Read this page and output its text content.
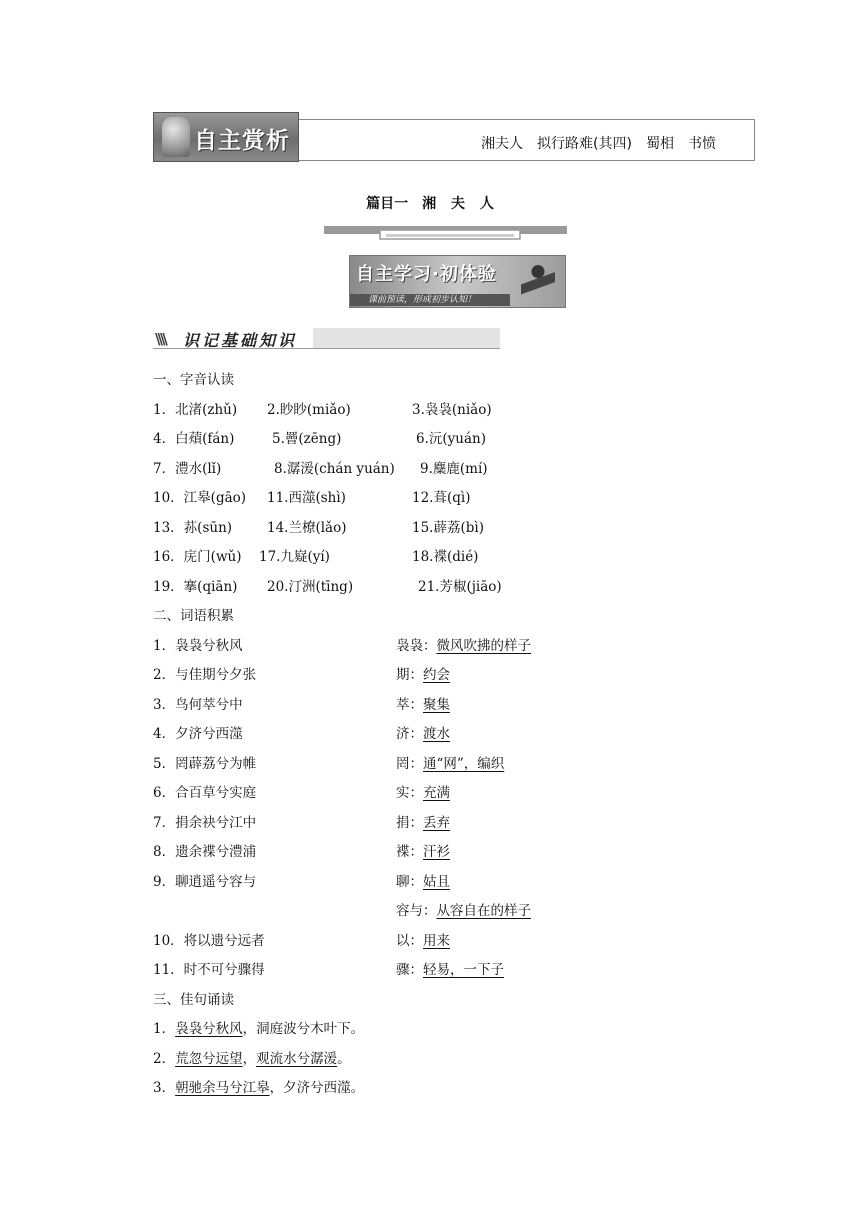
自主赏析	湘夫人　拟行路难(其四)　蜀相　书愤
篇目一　湘 夫 人
自主学习·初体验
课前预读，形成初步认知！
\\\\ 识记基础知识
一、字音认读
1．北渚(zhǔ) 2.眇眇(miǎo)	3.袅袅(niǎo)
4．白薠(fán)	5.罾(zēng)	6.沅(yuán)
7．澧水(lǐ)	8.潺湲(chán yuán) 9.麋鹿(mí)
10．江皋(gāo) 11.西澨(shì)	12.葺(qì)
13．荪(sūn)	14.兰橑(lǎo)	15.薜荔(bì)
16．庑门(wǔ) 17.九嶷(yí)	18.褋(dié)
19．搴(qiān) 20.汀洲(tīng)	21.芳椒(jiāo)
二、词语积累
1．袅袅兮秋风	袅袅：微风吹拂的样子
2．与佳期兮夕张	期：约会
3．鸟何萃兮中	萃：聚集
4．夕济兮西澨	济：渡水
5．罔薜荔兮为帷	罔：通“网”，编织
6．合百草兮实庭	实：充满
7．捐余袂兮江中	捐：丢弃
8．遗余褋兮澧浦	褋：汗衫
9．聊逍遥兮容与	聊：姑且
容与：从容自在的样子
10．将以遗兮远者	以：用来
11．时不可兮骤得	骤：轻易，一下子
三、佳句诵读
1．袅袅兮秋风，洞庭波兮木叶下。
2．荒忽兮远望，观流水兮潺湲。
3．朝驰余马兮江皋，夕济兮西澨。
